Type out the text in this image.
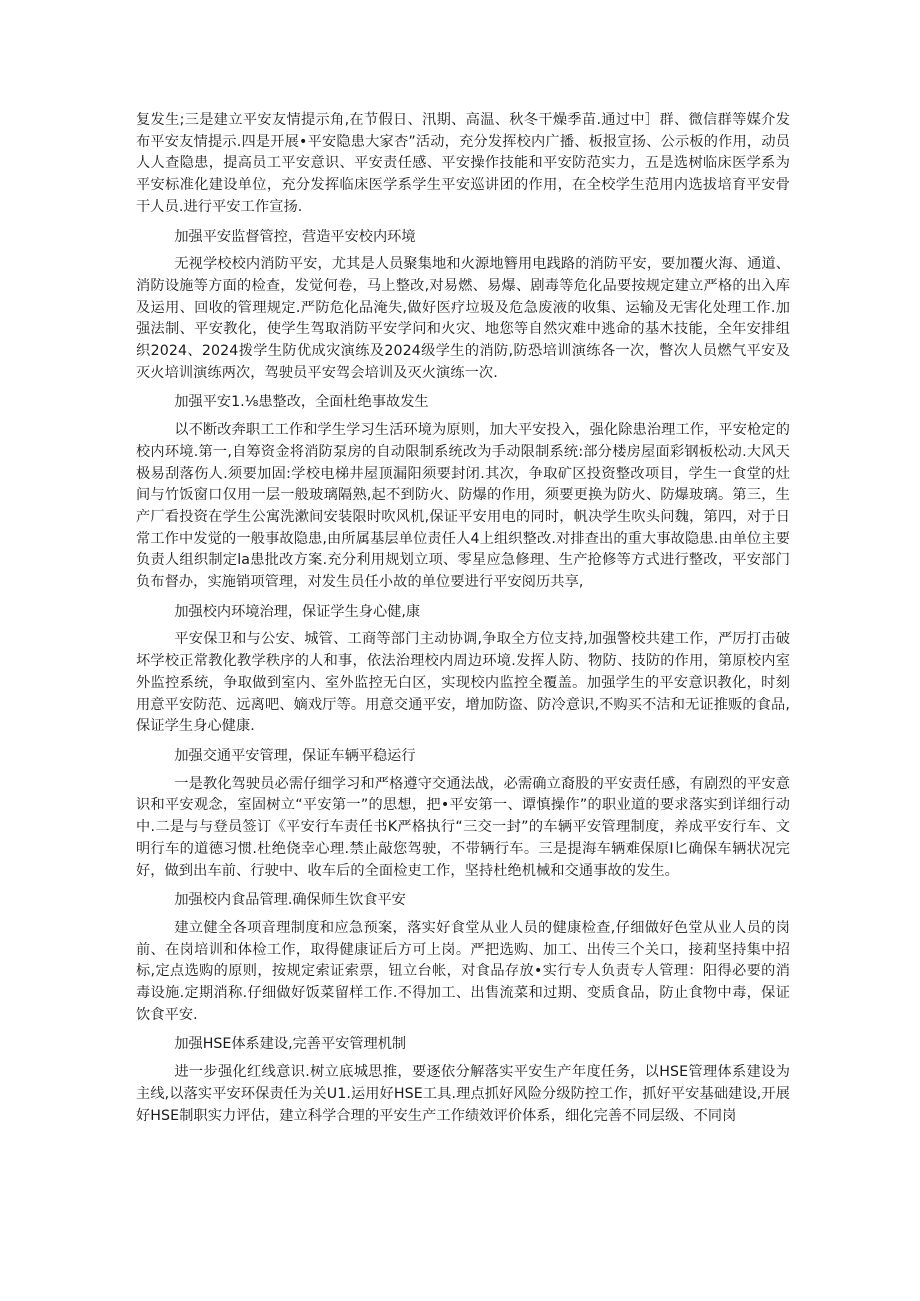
复发生;三是建立平安友情提示角,在节假日、汛期、高温、秋冬干燥季苗.通过中］群、微信群等媒介发布平安友情提示.四是开展•平安隐患大家杏”活动，充分发挥校内广播、板报宣扬、公示板的作用，动员人人查隐患，提高员工平安意识、平安责任感、平安操作技能和平安防范实力，五是选树临床医学系为平安标准化建设单位，充分发挥临床医学系学生平安巡讲团的作用，在全校学生范用内选拔培育平安骨干人员.进行平安工作宣扬.

加强平安监督管控，营造平安校内环境

无视学校校内消防平安，尤其是人员聚集地和火源地簪用电践路的消防平安，要加覆火海、通道、消防设施等方面的检查，发觉何卷，马上整改,对易燃、易爆、剧毒等危化品要按规定建立严格的出入库及运用、回收的管理规定.严防危化品淹失,做好医疗垃圾及危急废液的收集、运输及无害化处理工作.加强法制、平安教化，使学生驾取消防平安学问和火灾、地您等自然灾难中逃命的基木技能，全年安排组织2024、2024拨学生防优成灾演练及2024级学生的消防,防恐培训演练各一次，瞥次人员燃气平安及灭火培训演练两次，驾驶员平安驾会培训及灭火演练一次.

加强平安1.⅛患整改，全面杜绝事故发生

以不断改奔职工工作和学生学习生活环境为原则，加大平安投入，强化除患治理工作，平安枪定的校内环境.第一,自筹资金将消防泵房的自动限制系统改为手动限制系统:部分楼房屋面彩钢板松动.大风天极易刮落伤人.须要加固:学校电梯井屋顶漏阳须要封闭.其次，争取矿区投资整改项目，学生一食堂的灶间与竹饭窗口仅用一层一般玻璃隔熟,起不到防火、防爆的作用，须要更换为防火、防爆玻璃。第三，生产厂看投资在学生公寓洗漱间安装限时吹风机,保证平安用电的同时，帆决学生吹头问魏，第四，对于日常工作中发觉的一般事故隐患,由所属基层单位责任人4上组织整改.对排查出的重大事故隐患.由单位主要负责人组织制定la患批改方案.充分利用规划立项、零星应急修理、生产抢修等方式进行整改，平安部门负布督办，实施销项管理，对发生员任小故的单位要进行平安阅历共享,

加强校内环境治理，保证学生身心健,康

平安保卫和与公安、城管、工商等部门主动协调,争取全方位支持,加强警校共建工作，严厉打击破坏学校正常教化教学秩序的人和事，依法治理校内周边环境.发挥人防、物防、技防的作用，第原校内室外监控系统，争取做到室内、室外监控无白区，实现校内监控全覆盖。加强学生的平安意识教化，时刻用意平安防范、远离吧、嫡戏厅等。用意交通平安，增加防盗、防冷意识,不购买不洁和无证推贩的食品,保证学生身心健康.

加强交通平安管理，保证车辆平稳运行

一是教化驾驶员必需仔细学习和严格遵守交通法战，必需确立裔股的平安责任感，有剧烈的平安意识和平安观念，室固树立“平安第一”的思想，把•平安第一、谭慎操作”的职业道的要求落实到详细行动中.二是与与登员签订《平安行车责任书K严格执行“三交一封”的车辆平安管理制度，养成平安行车、文明行车的道德习惯.杜绝侥幸心理.禁止敲您驾驶，不带辆行车。三是提海车辆难保原I匕确保车辆状况完好，做到出车前、行驶中、收车后的全面检吏工作，坚持杜绝机械和交通事故的发生。

加强校内食品管理.确保师生饮食平安

建立健全各项音理制度和应急预案，落实好食堂从业人员的健康检查,仔细做好色堂从业人员的岗前、在岗培训和体检工作，取得健康证后方可上岗。严把选购、加工、出传三个关口，接莉坚持集中招标,定点选购的原则，按规定索证索票，钮立台帐，对食品存放•实行专人负责专人管理：阳得必要的消毒设施.定期消称.仔细做好饭菜留样工作.不得加工、出售流菜和过期、变质食品，防止食物中毒，保证饮食平安.

加强HSE体系建设,完善平安管理机制

进一步强化红线意识.树立底城思推，要逐依分解落实平安生产年度任务，以HSE管理体系建设为主线,以落实平安环保责任为关U1.运用好HSE工具.理点抓好风险分级防控工作，抓好平安基础建设,开展好HSE制职实力评估，建立科学合理的平安生产工作绩效评价体系，细化完善不同层级、不同岗
